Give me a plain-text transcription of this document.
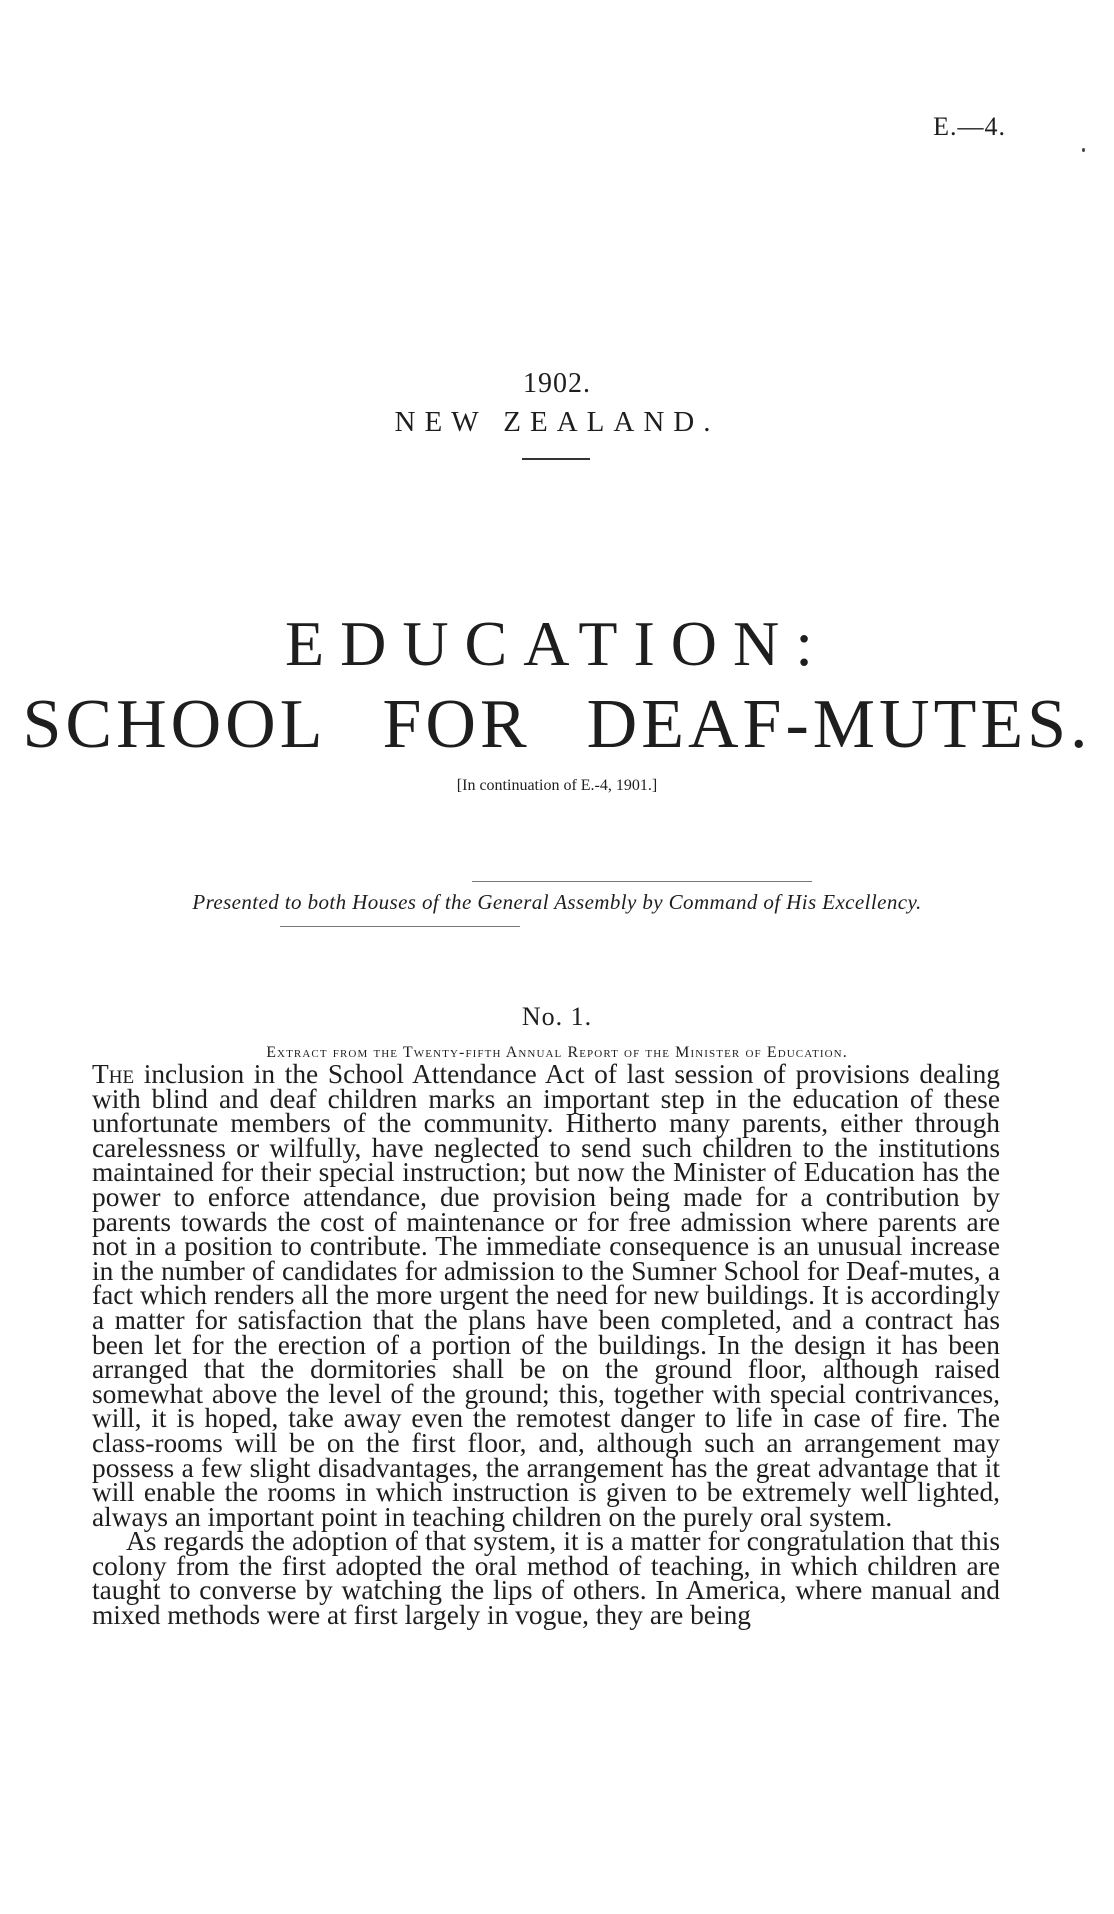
E.—4.
1902.
NEW ZEALAND.
EDUCATION:
SCHOOL FOR DEAF-MUTES.
[In continuation of E.-4, 1901.]
Presented to both Houses of the General Assembly by Command of His Excellency.
No. 1.
Extract from the Twenty-fifth Annual Report of the Minister of Education.

The inclusion in the School Attendance Act of last session of provisions dealing with blind and deaf children marks an important step in the education of these unfortunate members of the community. Hitherto many parents, either through carelessness or wilfully, have neglected to send such children to the institutions maintained for their special instruction; but now the Minister of Education has the power to enforce attendance, due provision being made for a contribution by parents towards the cost of maintenance or for free admission where parents are not in a position to contribute. The immediate consequence is an unusual increase in the number of candidates for admission to the Sumner School for Deaf-mutes, a fact which renders all the more urgent the need for new buildings. It is accordingly a matter for satisfaction that the plans have been completed, and a contract has been let for the erection of a portion of the buildings. In the design it has been arranged that the dormitories shall be on the ground floor, although raised somewhat above the level of the ground; this, together with special contrivances, will, it is hoped, take away even the remotest danger to life in case of fire. The class-rooms will be on the first floor, and, although such an arrangement may possess a few slight disadvantages, the arrangement has the great advantage that it will enable the rooms in which instruction is given to be extremely well lighted, always an important point in teaching children on the purely oral system.

As regards the adoption of that system, it is a matter for congratulation that this colony from the first adopted the oral method of teaching, in which children are taught to converse by watching the lips of others. In America, where manual and mixed methods were at first largely in vogue, they are being
